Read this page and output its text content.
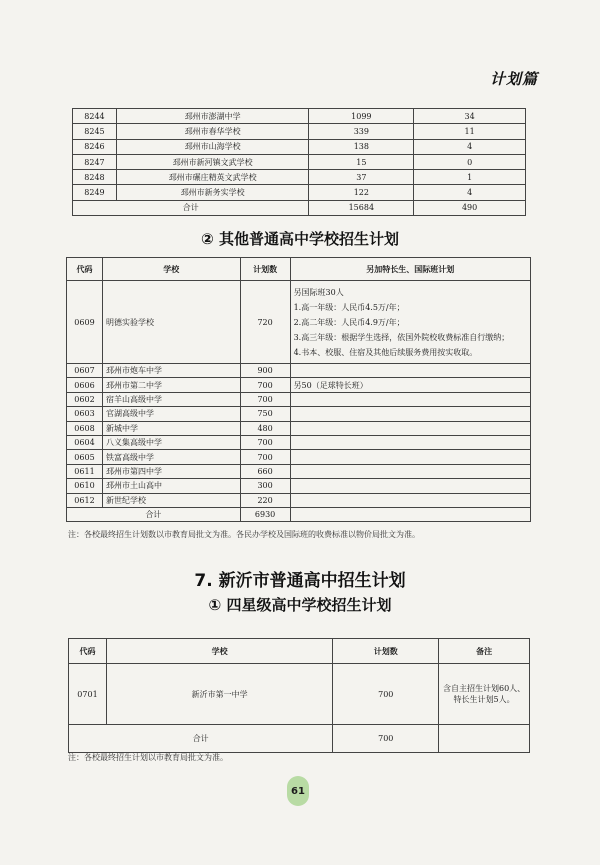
计划篇
8244	邳州市澎湖中学	1099	34
8245	邳州市春华学校	339	11
8246	邳州市山海学校	138	4
8247	邳州市新河镇文武学校	15	0
8248	邳州市碾庄精英文武学校	37	1
8249	邳州市新务实学校	122	4
合计		15684	490
② 其他普通高中学校招生计划
代码	学校	计划数	另加特长生、国际班计划
0609	明德实验学校	720	另国际班30人
1.高一年级：人民币4.5万/年；
2.高二年级：人民币4.9万/年；
3.高三年级：根据学生选择，依国外院校收费标准自行缴纳；
4.书本、校服、住宿及其他后续服务费用按实收取。

0607	邳州市炮车中学	900	
0606	邳州市第二中学	700	另50（足球特长班）
0602	宿羊山高级中学	700	
0603	官湖高级中学	750	
0608	新城中学	480	
0604	八义集高级中学	700	
0605	铁富高级中学	700	
0611	邳州市第四中学	660	
0610	邳州市土山高中	300	
0612	新世纪学校	220	
合计		6930	
注：各校最终招生计划数以市教育局批文为准。各民办学校及国际班的收费标准以物价局批文为准。
7. 新沂市普通高中招生计划
① 四星级高中学校招生计划
代码	学校	计划数	备注
0701	新沂市第一中学	700	含自主招生计划60人、特长生计划5人。
合计		700	
注：各校最终招生计划以市教育局批文为准。
61
